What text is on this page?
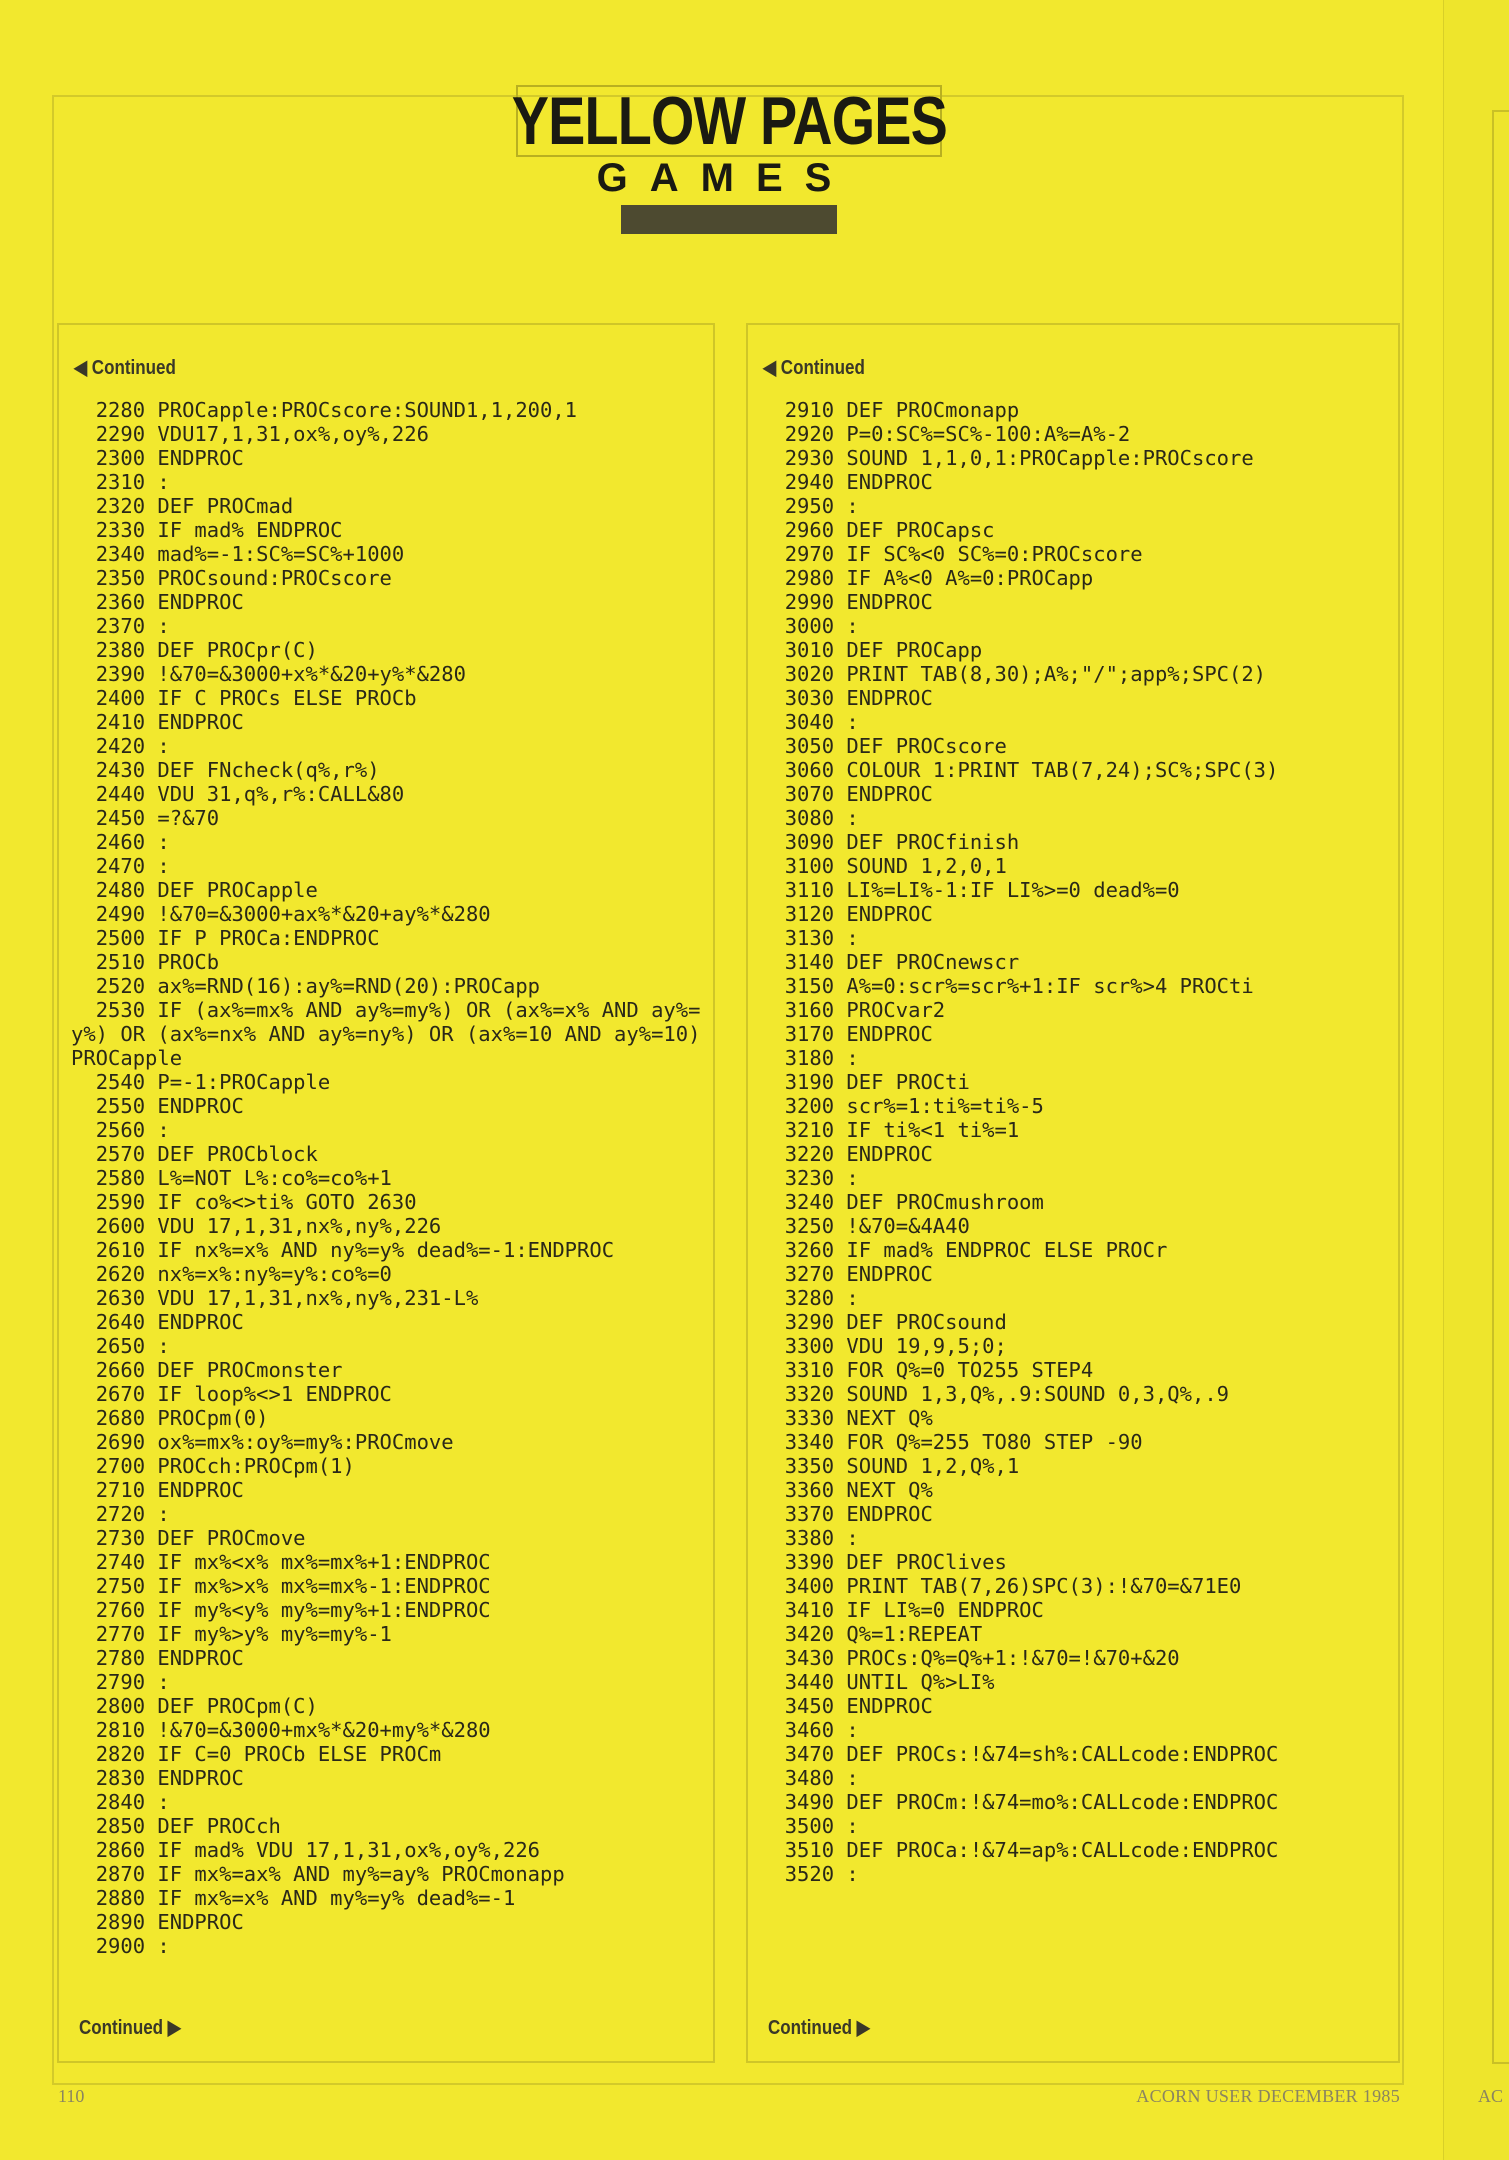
YELLOW PAGES
GAMES
◀ Continued
2280 PROCapple:PROCscore:SOUND1,1,200,1
2290 VDU17,1,31,ox%,oy%,226
2300 ENDPROC
2310 :
2320 DEF PROCmad
2330 IF mad% ENDPROC
2340 mad%=-1:SC%=SC%+1000
2350 PROCsound:PROCscore
2360 ENDPROC
2370 :
2380 DEF PROCpr(C)
2390 !&70=&3000+x%*&20+y%*&280
2400 IF C PROCs ELSE PROCb
2410 ENDPROC
2420 :
2430 DEF FNcheck(q%,r%)
2440 VDU 31,q%,r%:CALL&80
2450 =?&70
2460 :
2470 :
2480 DEF PROCapple
2490 !&70=&3000+ax%*&20+ay%*&280
2500 IF P PROCa:ENDPROC
2510 PROCb
2520 ax%=RND(16):ay%=RND(20):PROCapp
2530 IF (ax%=mx% AND ay%=my%) OR (ax%=x% AND ay%=y%) OR (ax%=nx% AND ay%=ny%) OR (ax%=10 AND ay%=10) PROCapple
2540 P=-1:PROCapple
2550 ENDPROC
2560 :
2570 DEF PROCblock
2580 L%=NOT L%:co%=co%+1
2590 IF co%<>ti% GOTO 2630
2600 VDU 17,1,31,nx%,ny%,226
2610 IF nx%=x% AND ny%=y% dead%=-1:ENDPROC
2620 nx%=x%:ny%=y%:co%=0
2630 VDU 17,1,31,nx%,ny%,231-L%
2640 ENDPROC
2650 :
2660 DEF PROCmonster
2670 IF loop%<>1 ENDPROC
2680 PROCpm(0)
2690 ox%=mx%:oy%=my%:PROCmove
2700 PROCch:PROCpm(1)
2710 ENDPROC
2720 :
2730 DEF PROCmove
2740 IF mx%<x% mx%=mx%+1:ENDPROC
2750 IF mx%>x% mx%=mx%-1:ENDPROC
2760 IF my%<y% my%=my%+1:ENDPROC
2770 IF my%>y% my%=my%-1
2780 ENDPROC
2790 :
2800 DEF PROCpm(C)
2810 !&70=&3000+mx%*&20+my%*&280
2820 IF C=0 PROCb ELSE PROCm
2830 ENDPROC
2840 :
2850 DEF PROCch
2860 IF mad% VDU 17,1,31,ox%,oy%,226
2870 IF mx%=ax% AND my%=ay% PROCmonapp
2880 IF mx%=x% AND my%=y% dead%=-1
2890 ENDPROC
2900 :
Continued ▶
◀ Continued
2910 DEF PROCmonapp
2920 P=0:SC%=SC%-100:A%=A%-2
2930 SOUND 1,1,0,1:PROCapple:PROCscore
2940 ENDPROC
2950 :
2960 DEF PROCapsc
2970 IF SC%<0 SC%=0:PROCscore
2980 IF A%<0 A%=0:PROCapp
2990 ENDPROC
3000 :
3010 DEF PROCapp
3020 PRINT TAB(8,30);A%;"/";app%;SPC(2)
3030 ENDPROC
3040 :
3050 DEF PROCscore
3060 COLOUR 1:PRINT TAB(7,24);SC%;SPC(3)
3070 ENDPROC
3080 :
3090 DEF PROCfinish
3100 SOUND 1,2,0,1
3110 LI%=LI%-1:IF LI%>=0 dead%=0
3120 ENDPROC
3130 :
3140 DEF PROCnewscr
3150 A%=0:scr%=scr%+1:IF scr%>4 PROCti
3160 PROCvar2
3170 ENDPROC
3180 :
3190 DEF PROCti
3200 scr%=1:ti%=ti%-5
3210 IF ti%<1 ti%=1
3220 ENDPROC
3230 :
3240 DEF PROCmushroom
3250 !&70=&4A40
3260 IF mad% ENDPROC ELSE PROCr
3270 ENDPROC
3280 :
3290 DEF PROCsound
3300 VDU 19,9,5;0;
3310 FOR Q%=0 TO255 STEP4
3320 SOUND 1,3,Q%,.9:SOUND 0,3,Q%,.9
3330 NEXT Q%
3340 FOR Q%=255 TO80 STEP -90
3350 SOUND 1,2,Q%,1
3360 NEXT Q%
3370 ENDPROC
3380 :
3390 DEF PROClives
3400 PRINT TAB(7,26)SPC(3):!&70=&71E0
3410 IF LI%=0 ENDPROC
3420 Q%=1:REPEAT
3430 PROCs:Q%=Q%+1:!&70=!&70+&20
3440 UNTIL Q%>LI%
3450 ENDPROC
3460 :
3470 DEF PROCs:!&74=sh%:CALLcode:ENDPROC
3480 :
3490 DEF PROCm:!&74=mo%:CALLcode:ENDPROC
3500 :
3510 DEF PROCa:!&74=ap%:CALLcode:ENDPROC
3520 :
Continued ▶
110	ACORN USER DECEMBER 1985	AC
